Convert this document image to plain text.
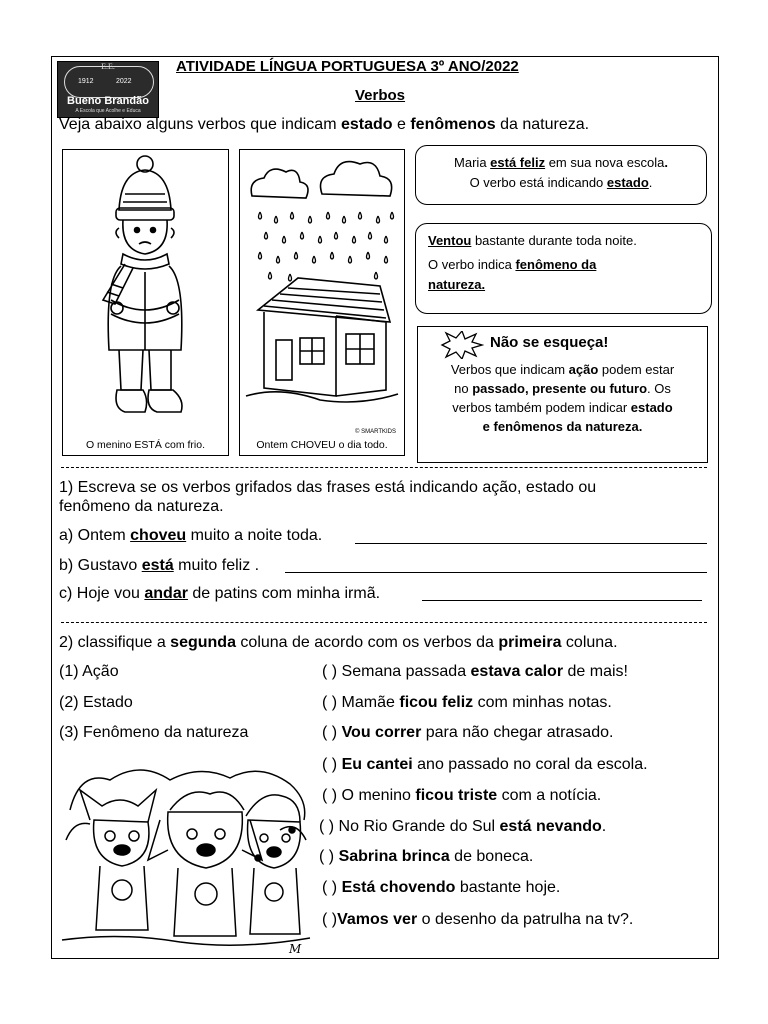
E.E.
1912	2022
Bueno Brandão
A Escola que Acolhe e Educa
ATIVIDADE LÍNGUA PORTUGUESA 3º ANO/2022
Verbos
Veja abaixo alguns verbos que indicam estado e fenômenos da natureza.
O menino ESTÁ com frio.
© SMARTKIDS
Ontem CHOVEU o dia todo.
Maria está feliz em sua nova escola.
O verbo está indicando estado.
Ventou bastante durante toda noite.
O verbo indica fenômeno da
natureza.
Não se esqueça!
Verbos que indicam ação podem estar
no passado, presente ou futuro. Os
verbos também podem indicar estado
e fenômenos da natureza.
1) Escreva se os verbos grifados das frases está indicando ação, estado ou
fenômeno da natureza.
a) Ontem choveu muito a noite toda.
b) Gustavo está muito feliz .
c) Hoje vou andar de patins com minha irmã.
2) classifique a segunda coluna de acordo com os verbos da primeira coluna.
(1) Ação
(2) Estado
(3) Fenômeno da natureza
( ) Semana passada estava calor de mais!
( ) Mamãe ficou feliz com minhas notas.
( ) Vou correr para não chegar atrasado.
( ) Eu cantei ano passado no coral da escola.
( ) O menino ficou triste com a notícia.
( ) No Rio Grande do Sul está nevando.
( ) Sabrina brinca de boneca.
( ) Está chovendo bastante hoje.
( )Vamos ver o desenho da patrulha na tv?.
M
